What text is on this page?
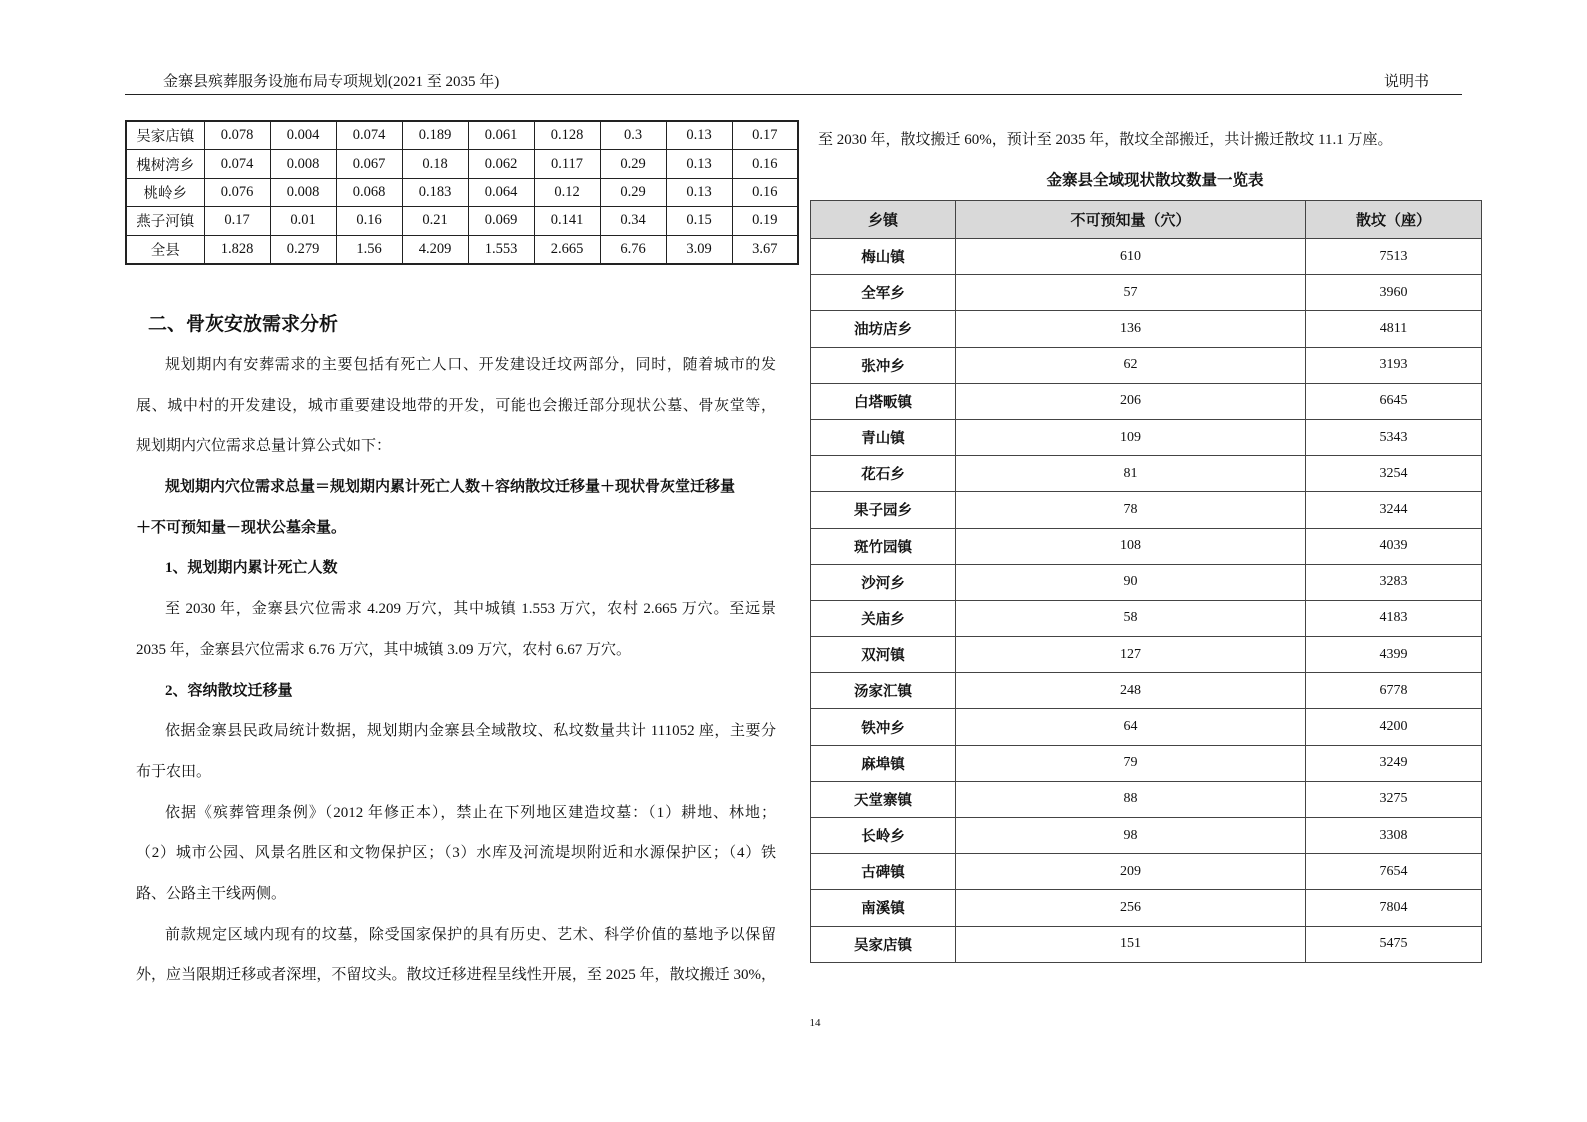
金寨县殡葬服务设施布局专项规划(2021 至 2035 年)	说明书
吴家店镇	0.078	0.004	0.074	0.189	0.061	0.128	0.3	0.13	0.17
槐树湾乡	0.074	0.008	0.067	0.18	0.062	0.117	0.29	0.13	0.16
桃岭乡	0.076	0.008	0.068	0.183	0.064	0.12	0.29	0.13	0.16
燕子河镇	0.17	0.01	0.16	0.21	0.069	0.141	0.34	0.15	0.19
全县	1.828	0.279	1.56	4.209	1.553	2.665	6.76	3.09	3.67
二、骨灰安放需求分析
规划期内有安葬需求的主要包括有死亡人口、开发建设迁坟两部分，同时，随着城市的发
展、城中村的开发建设，城市重要建设地带的开发，可能也会搬迁部分现状公墓、骨灰堂等，
规划期内穴位需求总量计算公式如下：
规划期内穴位需求总量＝规划期内累计死亡人数＋容纳散坟迁移量＋现状骨灰堂迁移量
＋不可预知量－现状公墓余量。
1、规划期内累计死亡人数
至 2030 年，金寨县穴位需求 4.209 万穴，其中城镇 1.553 万穴，农村 2.665 万穴。至远景
2035 年，金寨县穴位需求 6.76 万穴，其中城镇 3.09 万穴，农村 6.67 万穴。
2、容纳散坟迁移量
依据金寨县民政局统计数据，规划期内金寨县全域散坟、私坟数量共计 111052 座，主要分
布于农田。
依据《殡葬管理条例》（2012 年修正本），禁止在下列地区建造坟墓：（1）耕地、林地；
（2）城市公园、风景名胜区和文物保护区；（3）水库及河流堤坝附近和水源保护区；（4）铁
路、公路主干线两侧。
前款规定区域内现有的坟墓，除受国家保护的具有历史、艺术、科学价值的墓地予以保留
外，应当限期迁移或者深埋，不留坟头。散坟迁移进程呈线性开展，至 2025 年，散坟搬迁 30%，
至 2030 年，散坟搬迁 60%，预计至 2035 年，散坟全部搬迁，共计搬迁散坟 11.1 万座。
金寨县全域现状散坟数量一览表
乡镇	不可预知量（穴）	散坟（座）
梅山镇	610	7513
全军乡	57	3960
油坊店乡	136	4811
张冲乡	62	3193
白塔畈镇	206	6645
青山镇	109	5343
花石乡	81	3254
果子园乡	78	3244
斑竹园镇	108	4039
沙河乡	90	3283
关庙乡	58	4183
双河镇	127	4399
汤家汇镇	248	6778
铁冲乡	64	4200
麻埠镇	79	3249
天堂寨镇	88	3275
长岭乡	98	3308
古碑镇	209	7654
南溪镇	256	7804
吴家店镇	151	5475
14
